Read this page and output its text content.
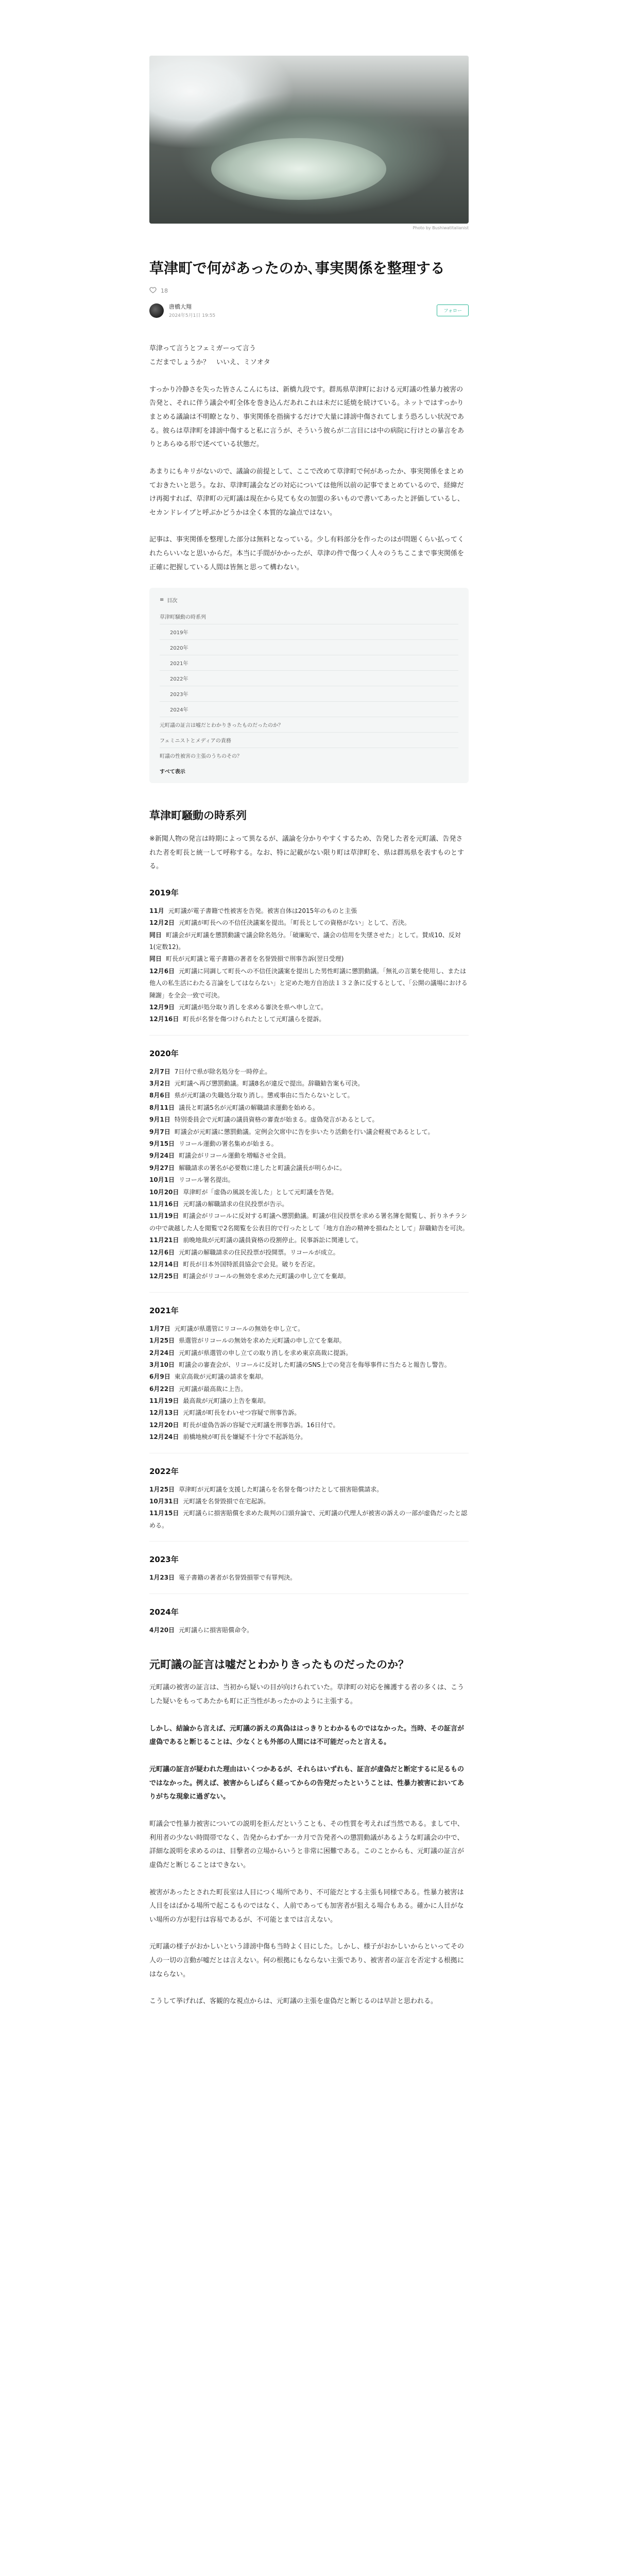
Photo by Bushiwatitalianist
草津町で何があったのか､事実関係を整理する
18
唐橋大翔
2024年5月1日 19:55
フォロー

草津って言うとフェミガーって言う
こだまでしょうか？　いいえ、ミソオタ

すっかり冷静さを失った皆さんこんにちは、新橋九段です。群馬県草津町における元町議の性暴力被害の告発と、それに伴う議会や町全体を巻き込んだあれこれは未だに延焼を続けている。ネットではすっかりまとめる議論は不明瞭となり、事実関係を指摘するだけで大量に誹謗中傷されてしまう恐ろしい状況である。彼らは草津町を誹謗中傷すると私に言うが、そういう彼らが二言目には中の病院に行けとの暴言をありとあらゆる形で述べている状態だ。

あまりにもキリがないので、議論の前提として、ここで改めて草津町で何があったか、事実関係をまとめておきたいと思う。なお、草津町議会などの対応については他所以前の記事でまとめているので、経緯だけ再掲すれば、草津町の元町議は現在から見ても女の加盟の多いもので書いてあったと評価しているし、セカンドレイプと呼ぶかどうかは全く本質的な論点ではない。

記事は、事実関係を整理した部分は無料となっている。少し有料部分を作ったのはが問題くらい払ってくれたらいいなと思いからだ。本当に手間がかかったが、草津の件で傷つく人々のうちここまで事実関係を正確に把握している人間は皆無と思って構わない。

≡ 目次
草津町騒動の時系列
2019年
2020年
2021年
2022年
2023年
2024年
元町議の証言は嘘だとわかりきったものだったのか？
フェミニストとメディアの責務
町議の性被害の主張のうちのその？
すべて表示
草津町騒動の時系列

※新聞人物の発言は時期によって異なるが、議論を分かりやすくするため、告発した者を元町議、告発された者を町長と統一して呼称する。なお、特に記載がない限り町は草津町を、県は群馬県を表すものとする。

2019年

11月 元町議が電子書籍で性被害を告発。被害自体は2015年のものと主張

12月2日 元町議が町長への不信任決議案を提出。「町長としての資格がない」として、否決。

同日 町議会が元町議を懲罰動議で議会除名処分。「破廉恥で、議会の信用を失墜させた」として。賛成10、反対1(定数12)。

同日 町長が元町議と電子書籍の著者を名誉毀損で刑事告訴(翌日受理)

12月6日 元町議に同調して町長への不信任決議案を提出した男性町議に懲罰動議。「無礼の言葉を使用し、または他人の私生活にわたる言論をしてはならない」と定めた地方自治法１３２条に反するとして、「公開の議場における陳謝」を全会一致で可決。

12月9日 元町議が処分取り消しを求める審決を県へ申し立て。

12月16日 町長が名誉を傷つけられたとして元町議らを提訴。

2020年

2月7日 7日付で県が除名処分を一時停止。

3月2日 元町議へ再び懲罰動議。町議8名が違反で提出。辞職勧告案も可決。

8月6日 県が元町議の失職処分取り消し。懲戒事由に当たらないとして。

8月11日 議長と町議5名が元町議の解職請求運動を始める。

9月1日 特別委員会で元町議の議員資格の審査が始まる。虚偽発言があるとして。

9月7日 町議会が元町議に懲罰動議。定例会欠席中に告を歩いたり活動を行い議会軽視であるとして。

9月15日 リコール運動の署名集めが始まる。

9月24日 町議会がリコール運動を増幅させ全員。

9月27日 解職請求の署名が必要数に達したと町議会議長が明らかに。

10月1日 リコール署名提出。

10月20日 草津町が「虚偽の風説を流した」として元町議を告発。

11月16日 元町議の解職請求の住民投票が告示。

11月19日 町議会がリコールに反対する町議へ懲罰動議。町議が住民投票を求める署名簿を閲覧し、折りネチラシの中で歳越した人を閲覧で2名閲覧を公表目的で行ったとして「地方自治の精神を損ねたとして」辞職勧告を可決。

11月21日 前晩地裁が元町議の議員資格の役割停止。民事訴訟に関連して。

12月6日 元町議の解職請求の住民投票が投開票。リコールが成立。

12月14日 町長が日本外国特派員協会で会見。破りを否定。

12月25日 町議会がリコールの無効を求めた元町議の申し立てを棄却。

2021年

1月7日 元町議が県選管にリコールの無効を申し立て。

1月25日 県選管がリコールの無効を求めた元町議の申し立てを棄却。

2月24日 元町議が県選管の申し立ての取り消しを求め東京高裁に提訴。

3月10日 町議会の審査会が、リコールに反対した町議のSNS上での発言を侮辱事件に当たると報告し警告。

6月9日 東京高裁が元町議の請求を棄却。

6月22日 元町議が最高裁に上告。

11月19日 最高裁が元町議の上告を棄却。

12月13日 元町議が町長をわいせつ容疑で刑事告訴。

12月20日 町長が虚偽告訴の容疑で元町議を刑事告訴。16日付で。

12月24日 前橋地検が町長を嫌疑不十分で不起訴処分。

2022年

1月25日 草津町が元町議を支援した町議らを名誉を傷つけたとして損害賠償請求。

10月31日 元町議を名誉毀損で在宅起訴。

11月15日 元町議らに損害賠償を求めた裁判の口頭弁論で、元町議の代理人が被害の訴えの一部が虚偽だったと認める。

2023年

1月23日 電子書籍の著者が名誉毀損罪で有罪判決。

2024年

4月20日 元町議らに損害賠償命令。

元町議の証言は嘘だとわかりきったものだったのか？

元町議の被害の証言は、当初から疑いの目が向けられていた。草津町の対応を擁護する者の多くは、こうした疑いをもってあたかも町に正当性があったかのように主張する。

しかし、結論から言えば、元町議の訴えの真偽ははっきりとわかるものではなかった。当時、その証言が虚偽であると断じることは、少なくとも外部の人間には不可能だったと言える。

元町議の証言が疑われた理由はいくつかあるが、それらはいずれも、証言が虚偽だと断定するに足るものではなかった。例えば、被害からしばらく経ってからの告発だったということは、性暴力被害においてありがちな現象に過ぎない。

町議会で性暴力被害についての説明を拒んだということも、その性質を考えれば当然である。まして中、利用者の少ない時間帯でなく、告発からわずか一カ月で告発者への懲罰動議があるような町議会の中で、詳細な説明を求めるのは、目撃者の立場からいうと非常に困難である。このことからも、元町議の証言が虚偽だと断じることはできない。

被害があったとされた町長室は人目につく場所であり、不可能だとする主張も同様である。性暴力被害は人目をはばかる場所で起こるものではなく、人前であっても加害者が狙える場合もある。確かに人目がない場所の方が犯行は容易であるが、不可能とまでは言えない。

元町議の様子がおかしいという誹謗中傷も当時よく目にした。しかし、様子がおかしいからといってその人の一切の言動が嘘だとは言えない。何の根拠にもならない主張であり、被害者の証言を否定する根拠にはならない。

こうして挙げれば、客観的な視点からは、元町議の主張を虚偽だと断じるのは早計と思われる。
